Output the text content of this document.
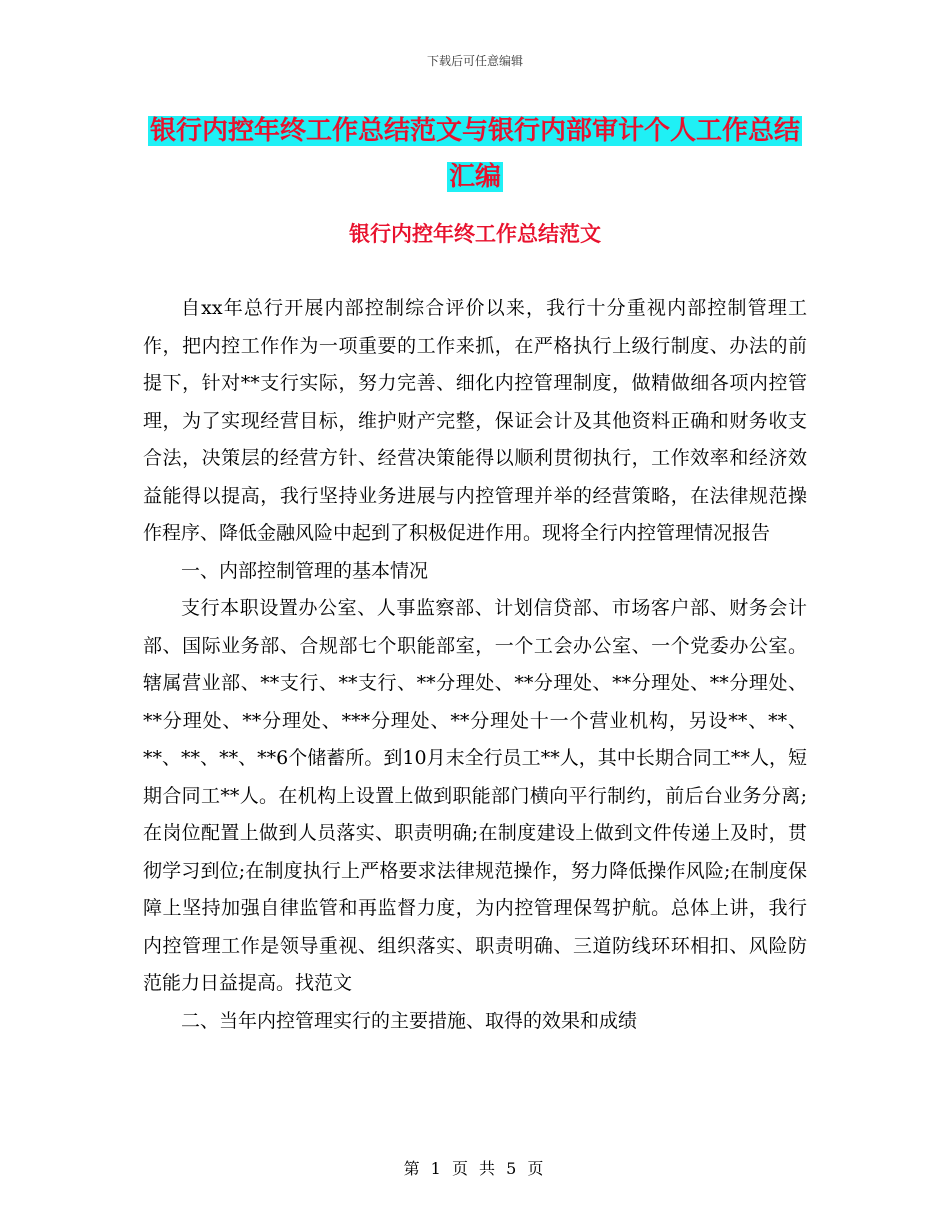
下载后可任意编辑
银行内控年终工作总结范文与银行内部审计个人工作总结汇编
银行内控年终工作总结范文

自xx年总行开展内部控制综合评价以来，我行十分重视内部控制管理工作，把内控工作作为一项重要的工作来抓，在严格执行上级行制度、办法的前提下，针对**支行实际，努力完善、细化内控管理制度，做精做细各项内控管理，为了实现经营目标，维护财产完整，保证会计及其他资料正确和财务收支合法，决策层的经营方针、经营决策能得以顺利贯彻执行，工作效率和经济效益能得以提高，我行坚持业务进展与内控管理并举的经营策略，在法律规范操作程序、降低金融风险中起到了积极促进作用。现将全行内控管理情况报告

一、内部控制管理的基本情况

支行本职设置办公室、人事监察部、计划信贷部、市场客户部、财务会计部、国际业务部、合规部七个职能部室，一个工会办公室、一个党委办公室。辖属营业部、**支行、**支行、**分理处、**分理处、**分理处、**分理处、**分理处、**分理处、***分理处、**分理处十一个营业机构，另设**、**、**、**、**、**6个储蓄所。到10月末全行员工**人，其中长期合同工**人，短期合同工**人。在机构上设置上做到职能部门横向平行制约，前后台业务分离;在岗位配置上做到人员落实、职责明确;在制度建设上做到文件传递上及时，贯彻学习到位;在制度执行上严格要求法律规范操作，努力降低操作风险;在制度保障上坚持加强自律监管和再监督力度，为内控管理保驾护航。总体上讲，我行内控管理工作是领导重视、组织落实、职责明确、三道防线环环相扣、风险防范能力日益提高。找范文

二、当年内控管理实行的主要措施、取得的效果和成绩

第 1 页 共 5 页
